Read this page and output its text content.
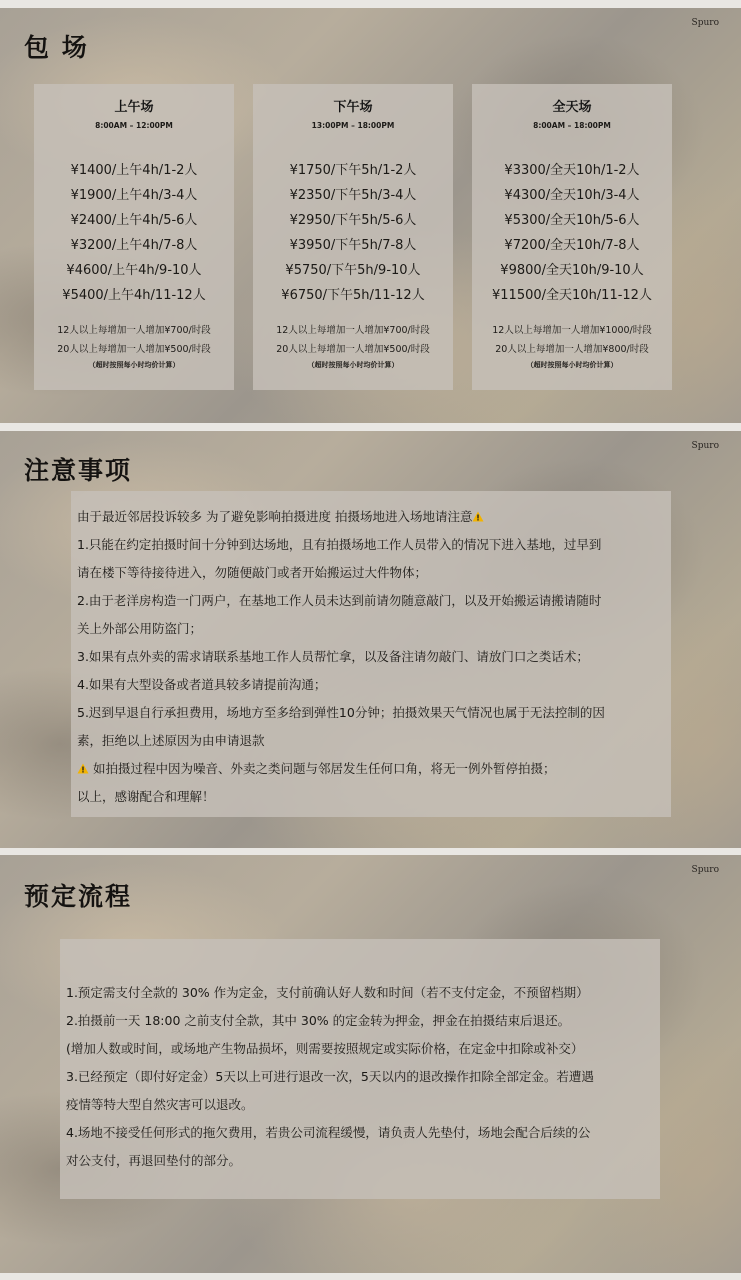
包 场
Spuro
上午场
8:00AM – 12:00PM
¥1400/上午4h/1-2人
¥1900/上午4h/3-4人
¥2400/上午4h/5-6人
¥3200/上午4h/7-8人
¥4600/上午4h/9-10人
¥5400/上午4h/11-12人
12人以上每增加一人增加¥700/时段
20人以上每增加一人增加¥500/时段
（超时按照每小时均价计算）
下午场
13:00PM – 18:00PM
¥1750/下午5h/1-2人
¥2350/下午5h/3-4人
¥2950/下午5h/5-6人
¥3950/下午5h/7-8人
¥5750/下午5h/9-10人
¥6750/下午5h/11-12人
12人以上每增加一人增加¥700/时段
20人以上每增加一人增加¥500/时段
（超时按照每小时均价计算）
全天场
8:00AM – 18:00PM
¥3300/全天10h/1-2人
¥4300/全天10h/3-4人
¥5300/全天10h/5-6人
¥7200/全天10h/7-8人
¥9800/全天10h/9-10人
¥11500/全天10h/11-12人
12人以上每增加一人增加¥1000/时段
20人以上每增加一人增加¥800/时段
（超时按照每小时均价计算）
注意事项
Spuro

由于最近邻居投诉较多 为了避免影响拍摄进度 拍摄场地进入场地请注意

1.只能在约定拍摄时间十分钟到达场地，且有拍摄场地工作人员带入的情况下进入基地，过早到

请在楼下等待接待进入，勿随便敲门或者开始搬运过大件物体；

2.由于老洋房构造一门两户，在基地工作人员未达到前请勿随意敲门，以及开始搬运请搬请随时

关上外部公用防盗门；

3.如果有点外卖的需求请联系基地工作人员帮忙拿，以及备注请勿敲门、请放门口之类话术；

4.如果有大型设备或者道具较多请提前沟通；

5.迟到早退自行承担费用，场地方至多给到弹性10分钟；拍摄效果天气情况也属于无法控制的因

素，拒绝以上述原因为由申请退款

如拍摄过程中因为噪音、外卖之类问题与邻居发生任何口角，将无一例外暂停拍摄；

以上，感谢配合和理解！

预定流程
Spuro

1.预定需支付全款的 30% 作为定金，支付前确认好人数和时间（若不支付定金，不预留档期）

2.拍摄前一天 18:00 之前支付全款，其中 30% 的定金转为押金，押金在拍摄结束后退还。

(增加人数或时间，或场地产生物品损坏，则需要按照规定或实际价格，在定金中扣除或补交）

3.已经预定（即付好定金）5天以上可进行退改一次，5天以内的退改操作扣除全部定金。若遭遇

疫情等特大型自然灾害可以退改。

4.场地不接受任何形式的拖欠费用，若贵公司流程缓慢，请负责人先垫付，场地会配合后续的公

对公支付，再退回垫付的部分。
